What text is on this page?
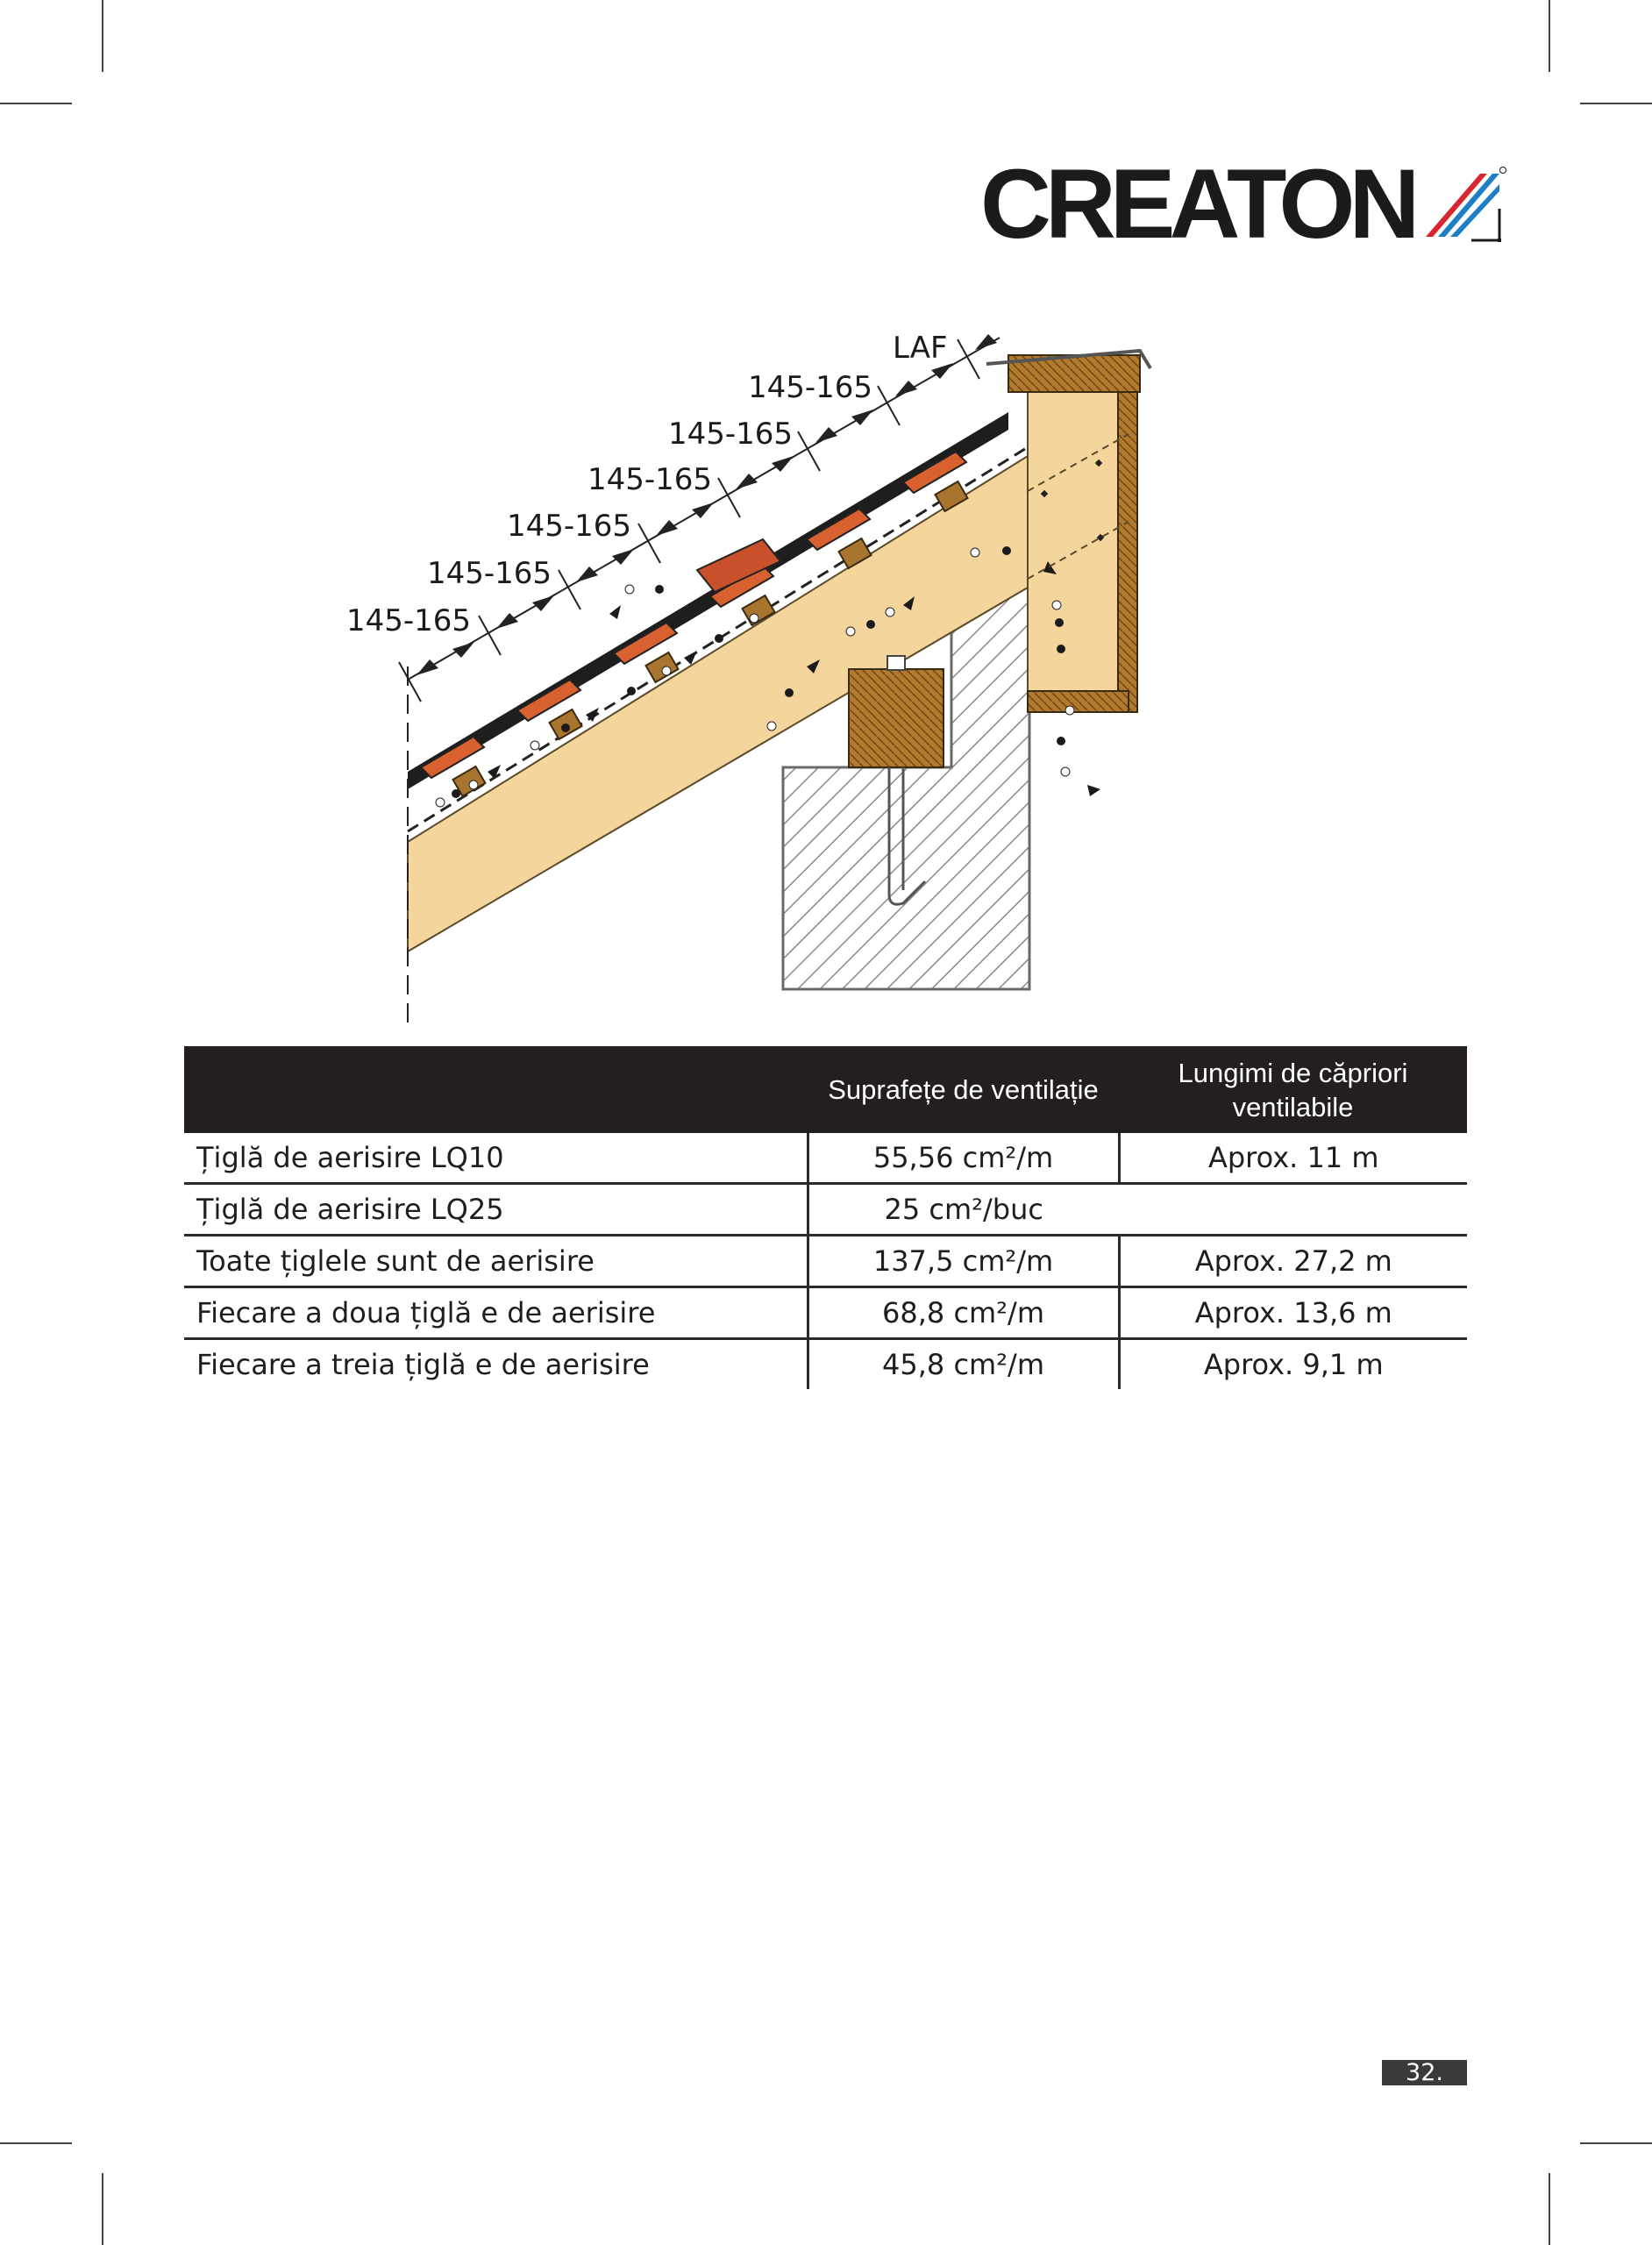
CREATON
LAF
145-165
145-165
145-165
145-165
145-165
145-165
	Suprafețe de ventilație	Lungimi de căpriori ventilabile
Țiglă de aerisire LQ10	55,56 cm²/m	Aprox. 11 m
Țiglă de aerisire LQ25	25 cm²/buc	
Toate țiglele sunt de aerisire	137,5 cm²/m	Aprox. 27,2 m
Fiecare a doua țiglă e de aerisire	68,8 cm²/m	Aprox. 13,6 m
Fiecare a treia țiglă e de aerisire	45,8 cm²/m	Aprox. 9,1 m
32.
